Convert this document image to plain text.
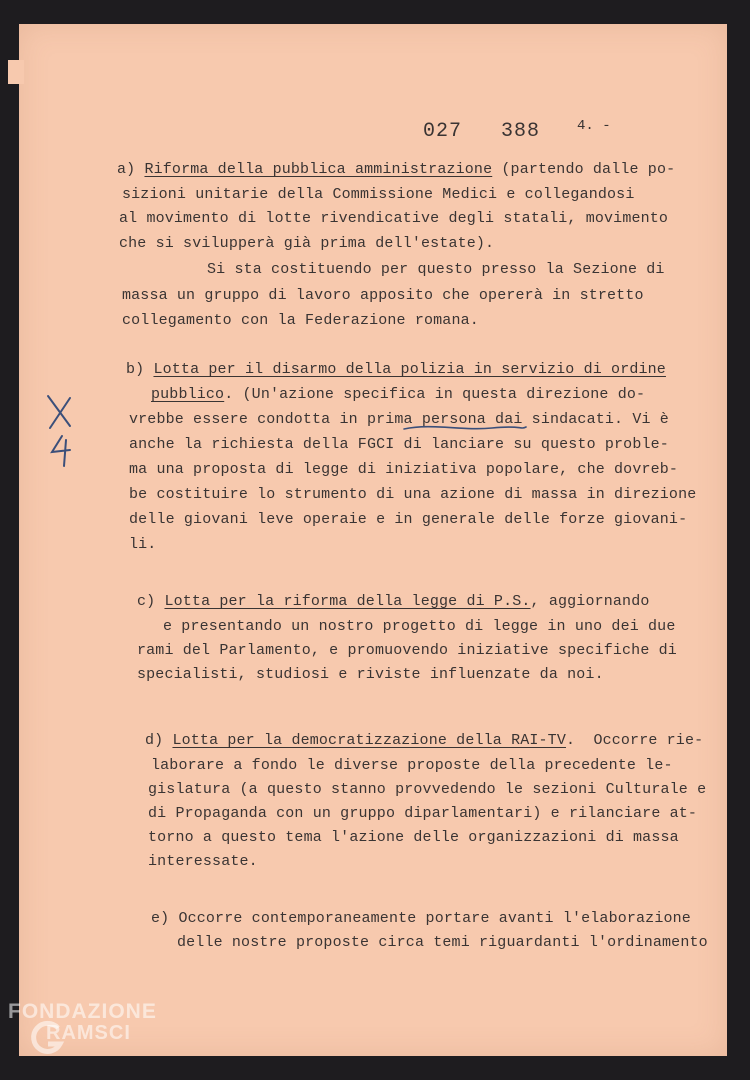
027   388	4. -
a) Riforma della pubblica amministrazione (partendo dalle po-
sizioni unitarie della Commissione Medici e collegandosi
al movimento di lotte rivendicative degli statali, movimento
che si svilupperà già prima dell'estate).
Si sta costituendo per questo presso la Sezione di
massa un gruppo di lavoro apposito che opererà in stretto
collegamento con la Federazione romana.
b) Lotta per il disarmo della polizia in servizio di ordine
pubblico. (Un'azione specifica in questa direzione do-
vrebbe essere condotta in prima persona dai sindacati. Vi è
anche la richiesta della FGCI di lanciare su questo proble-
ma una proposta di legge di iniziativa popolare, che dovreb-
be costituire lo strumento di una azione di massa in direzione
delle giovani leve operaie e in generale delle forze giovani-
li.
c) Lotta per la riforma della legge di P.S., aggiornando
e presentando un nostro progetto di legge in uno dei due
rami del Parlamento, e promuovendo iniziative specifiche di
specialisti, studiosi e riviste influenzate da noi.
d) Lotta per la democratizzazione della RAI-TV.  Occorre rie-
laborare a fondo le diverse proposte della precedente le-
gislatura (a questo stanno provvedendo le sezioni Culturale e
di Propaganda con un gruppo diparlamentari) e rilanciare at-
torno a questo tema l'azione delle organizzazioni di massa
interessate.
e) Occorre contemporaneamente portare avanti l'elaborazione
delle nostre proposte circa temi riguardanti l'ordinamento
FONDAZIONE
RAMSCI
